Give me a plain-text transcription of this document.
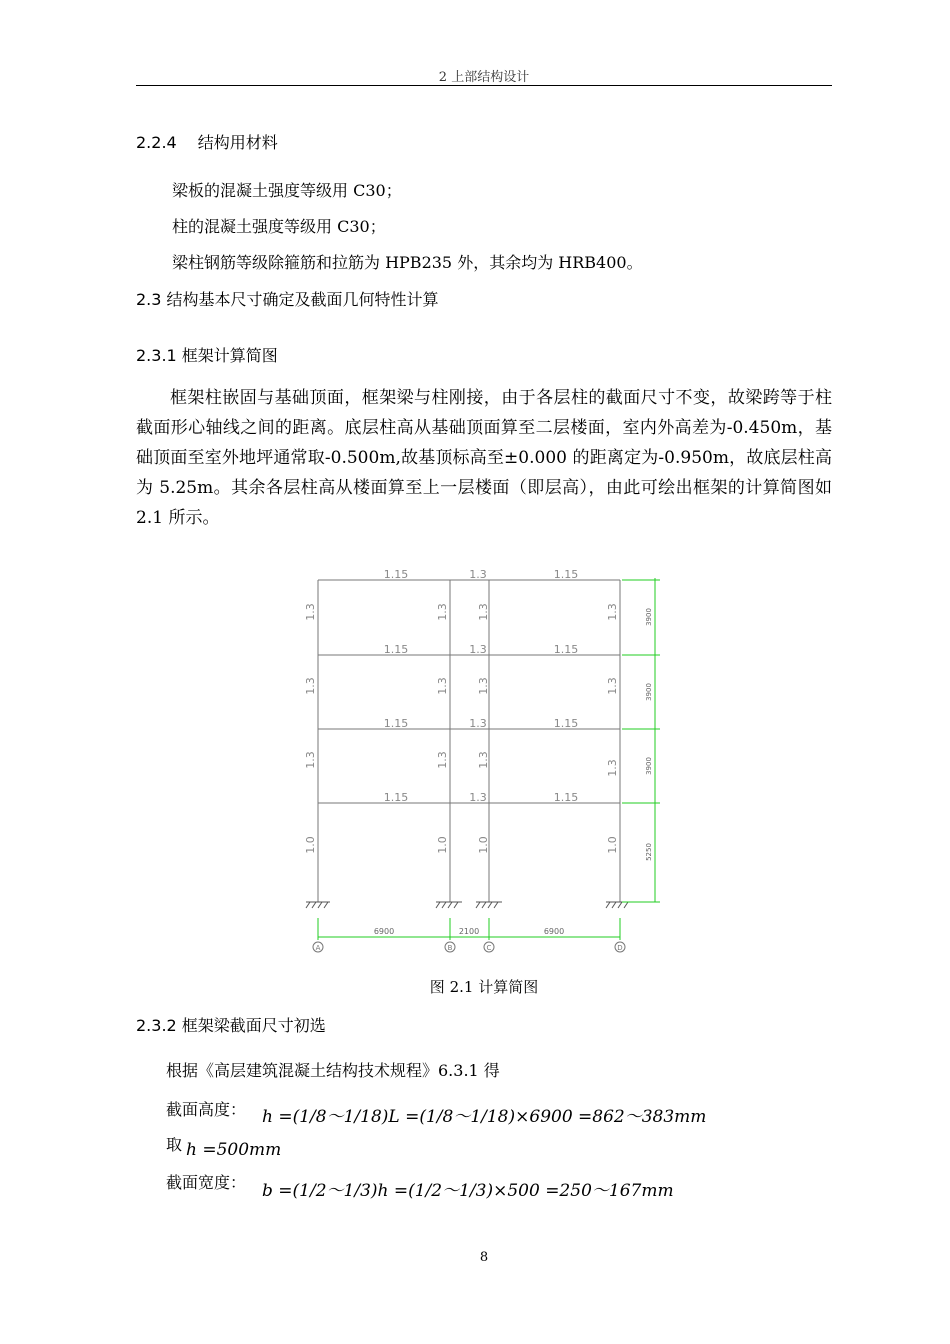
2 上部结构设计
2.2.4　 结构用材料
梁板的混凝土强度等级用 C30；
柱的混凝土强度等级用 C30；
梁柱钢筋等级除箍筋和拉筋为 HPB235 外，其余均为 HRB400。
2.3 结构基本尺寸确定及截面几何特性计算
2.3.1 框架计算简图
框架柱嵌固与基础顶面，框架梁与柱刚接，由于各层柱的截面尺寸不变，故梁跨等于柱截面形心轴线之间的距离。底层柱高从基础顶面算至二层楼面，室内外高差为-0.450m，基础顶面至室外地坪通常取-0.500m,故基顶标高至±0.000 的距离定为-0.950m，故底层柱高为 5.25m。其余各层柱高从楼面算至上一层楼面（即层高），由此可绘出框架的计算简图如 2.1 所示。
A	B	C	D
6900	2100	6900
1.15	1.3	1.15
1.15	1.3	1.15
1.15	1.3	1.15
1.15	1.3	1.15
1.3	1.3	1.3	1.3
1.3	1.3	1.3	1.3
1.3	1.3	1.3	1.3
1.0	1.0	1.0	1.0
3900
3900
3900
5250
图 2.1 计算简图
2.3.2 框架梁截面尺寸初选
根据《高层建筑混凝土结构技术规程》6.3.1 得
截面高度： h =(1/8～1/18)L =(1/8～1/18)×6900 =862～383mm
取 h =500mm
截面宽度： b =(1/2～1/3)h =(1/2～1/3)×500 =250～167mm
8
